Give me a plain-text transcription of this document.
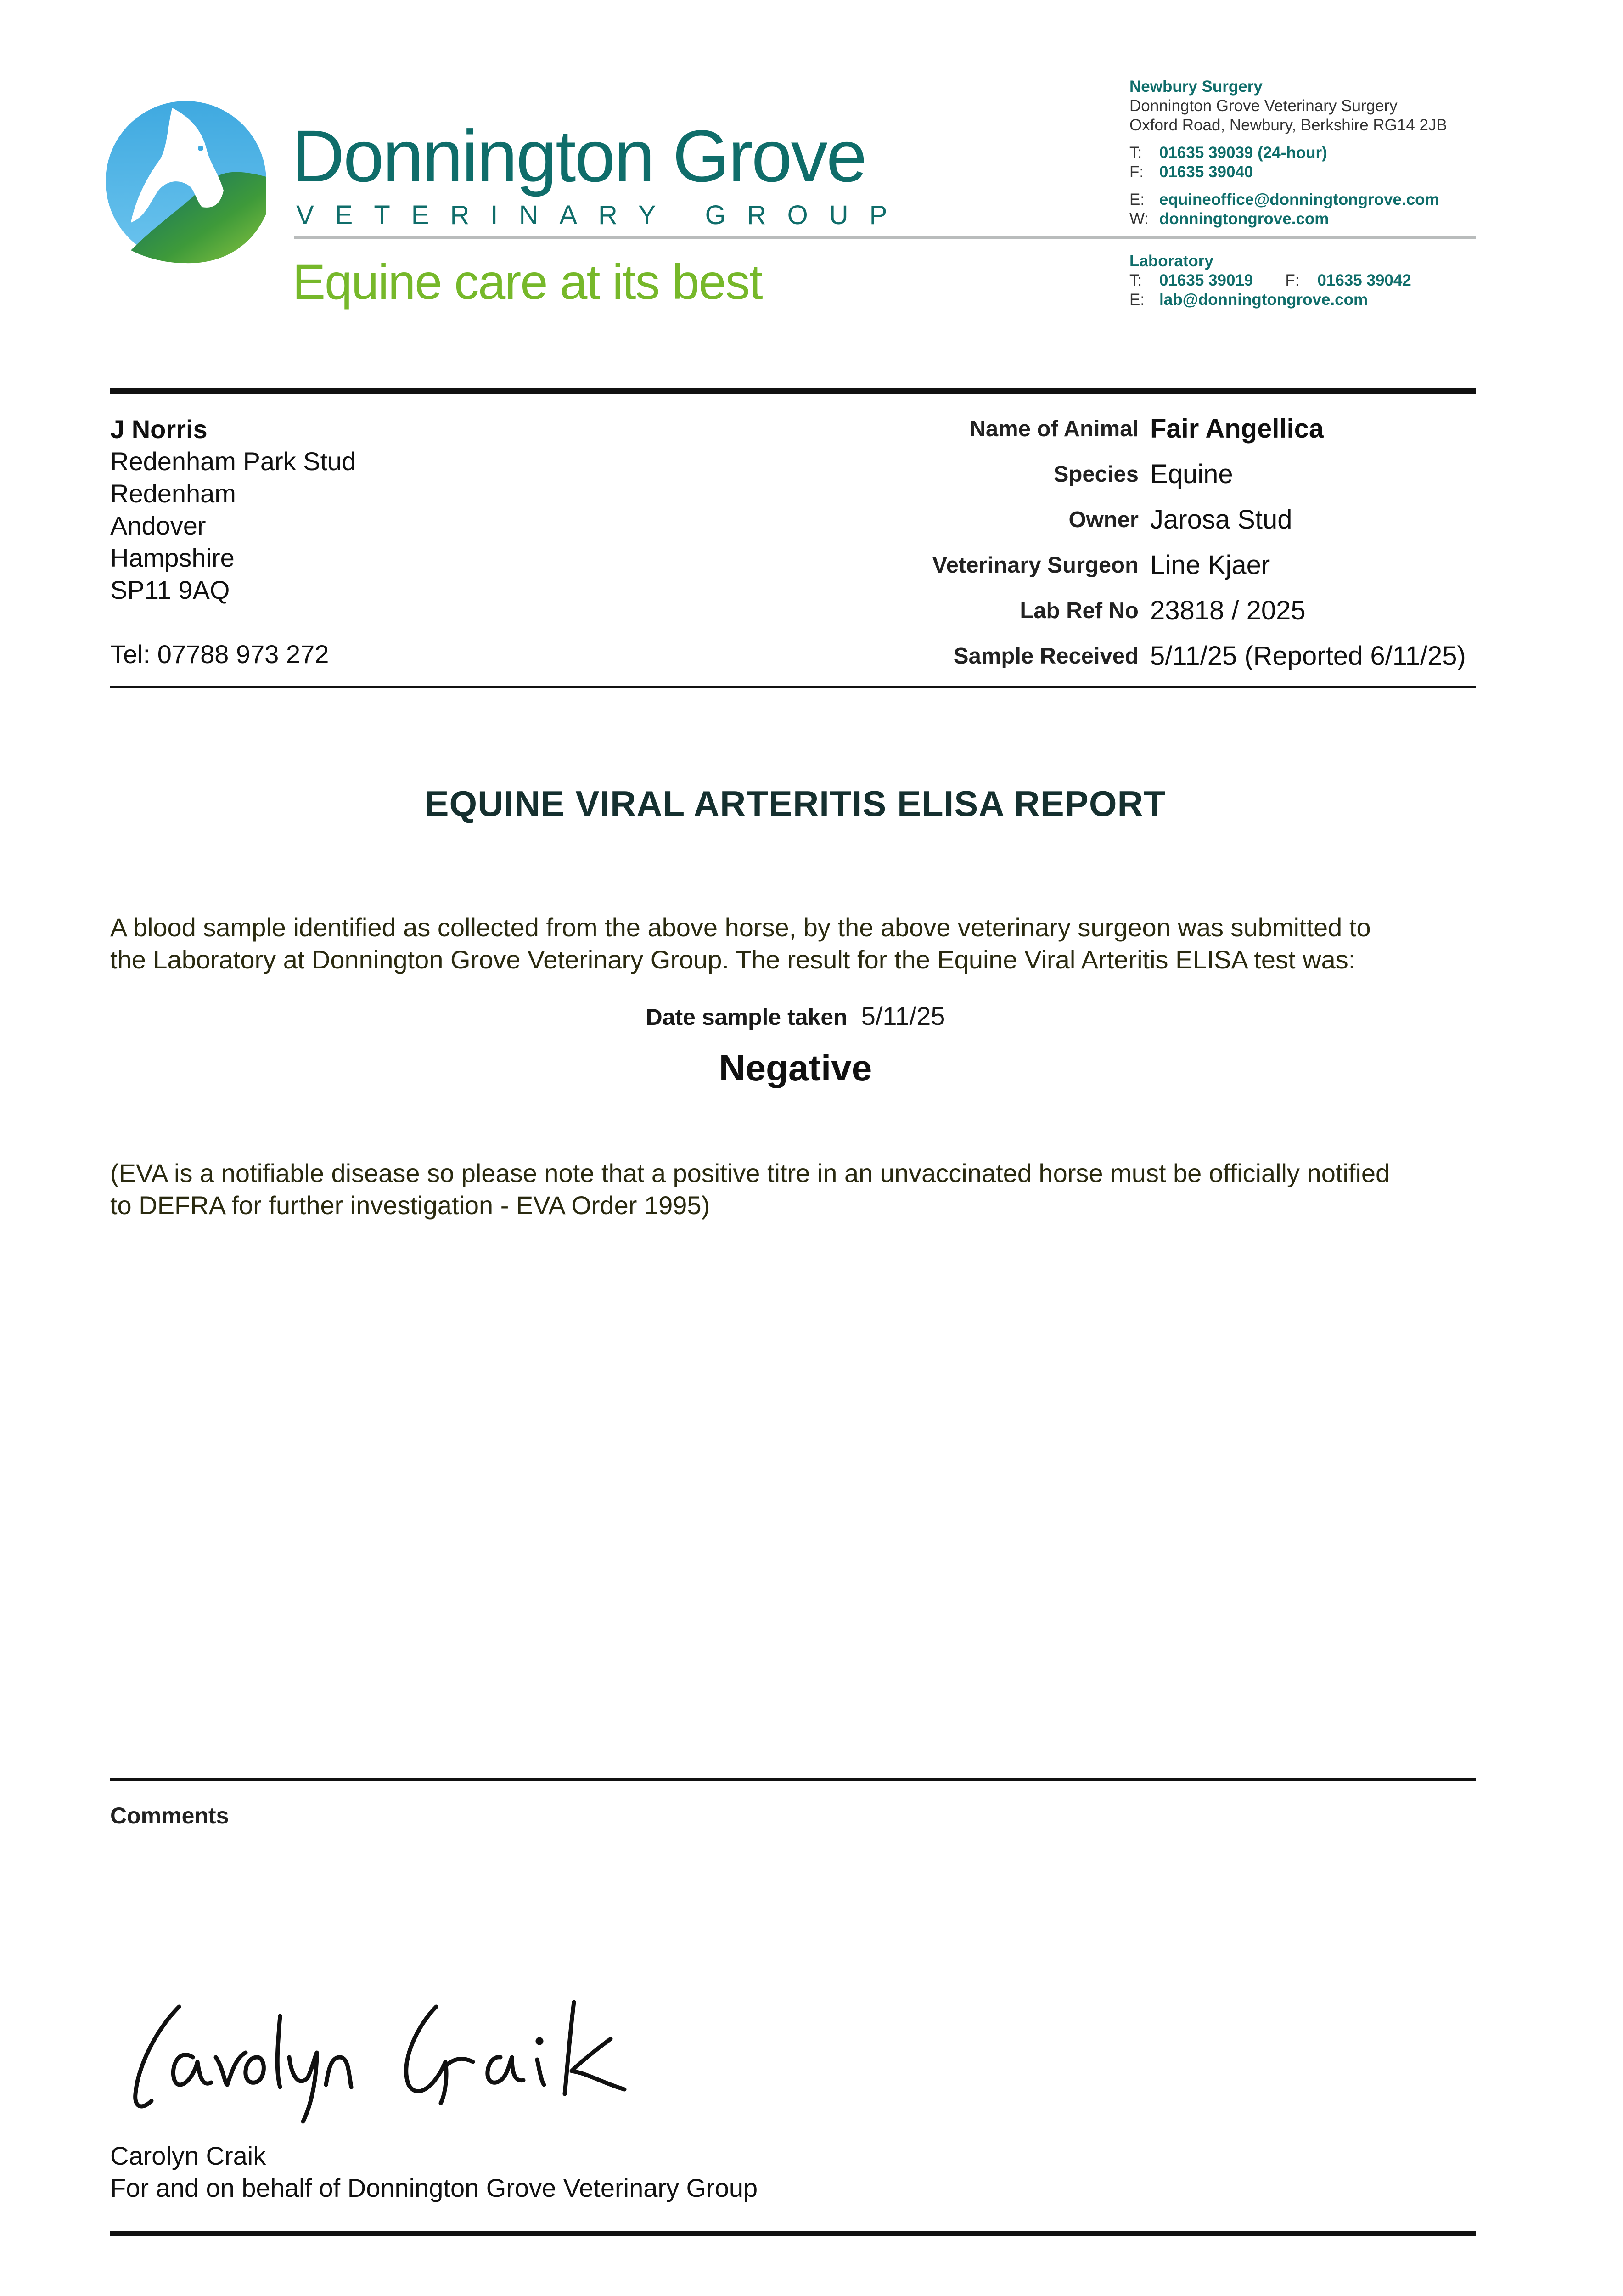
Donnington Grove
VETERINARY GROUP
Equine care at its best
Newbury Surgery
Donnington Grove Veterinary Surgery
Oxford Road, Newbury, Berkshire RG14 2JB
T: 01635 39039 (24-hour)
F: 01635 39040
E: equineoffice@donningtongrove.com
W: donningtongrove.com
Laboratory
T: 01635 39019 F: 01635 39042
E: lab@donningtongrove.com
J Norris
Redenham Park Stud
Redenham
Andover
Hampshire
SP11 9AQ
Tel: 07788 973 272
Name of Animal Fair Angellica
Species Equine
Owner Jarosa Stud
Veterinary Surgeon Line Kjaer
Lab Ref No 23818 / 2025
Sample Received 5/11/25 (Reported 6/11/25)
EQUINE VIRAL ARTERITIS ELISA REPORT
A blood sample identified as collected from the above horse, by the above veterinary surgeon was submitted to
the Laboratory at Donnington Grove Veterinary Group. The result for the Equine Viral Arteritis ELISA test was:
Date sample taken 5/11/25
Negative
(EVA is a notifiable disease so please note that a positive titre in an unvaccinated horse must be officially notified
to DEFRA for further investigation - EVA Order 1995)
Comments
Carolyn Craik
For and on behalf of Donnington Grove Veterinary Group
